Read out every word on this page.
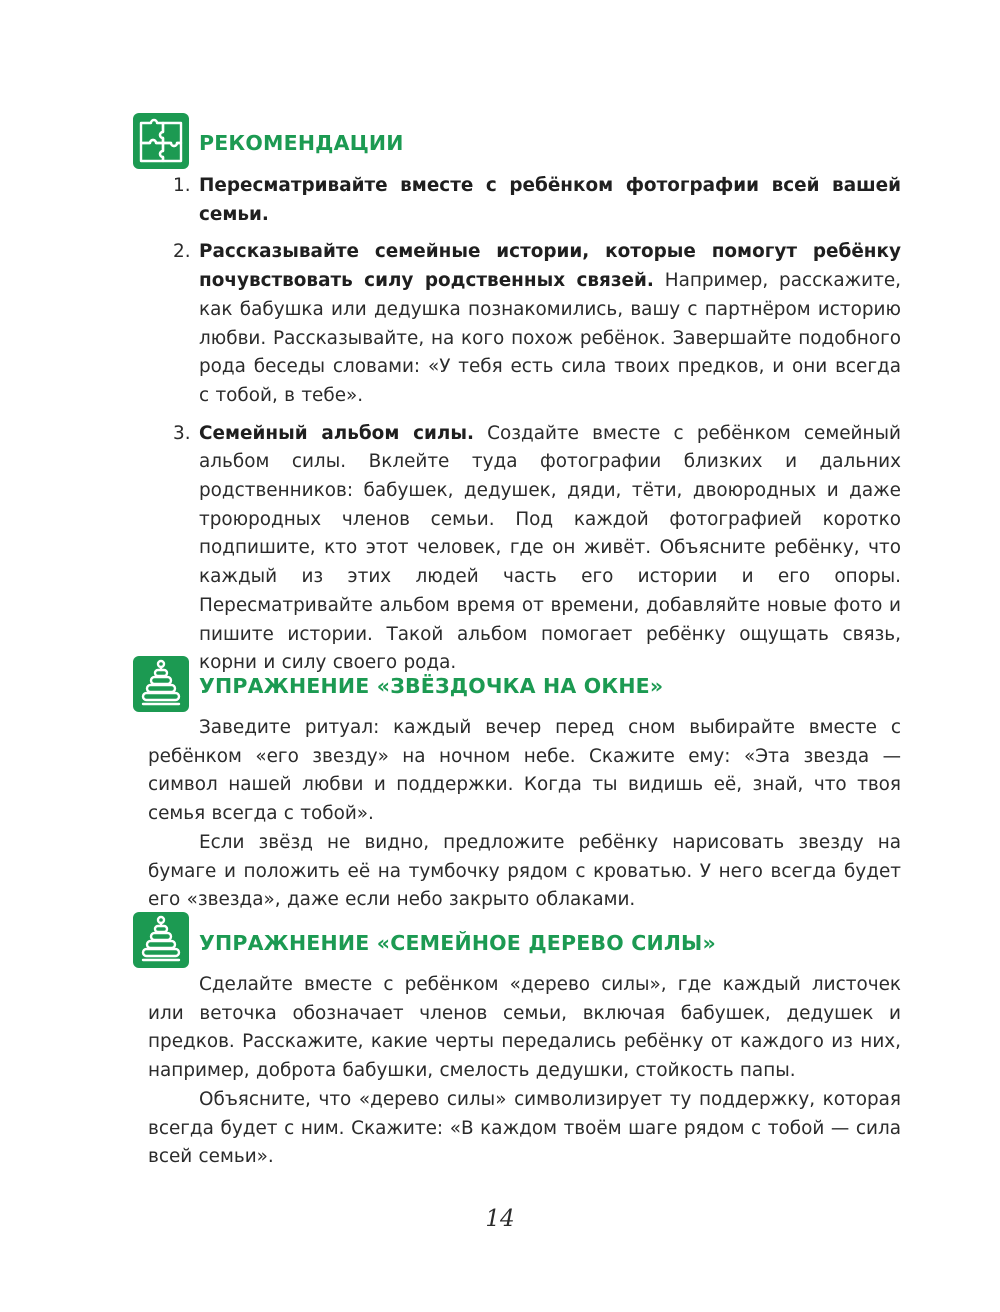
РЕКОМЕНДАЦИИ
1. Пересматривайте вместе с ребёнком фотографии всей вашей семьи.
2. Рассказывайте семейные истории, которые помогут ребёнку почувствовать силу родственных связей. Например, расскажите, как бабушка или дедушка познакомились, вашу с партнёром историю любви. Рассказывайте, на кого похож ребёнок. Завершайте подобного рода беседы словами: «У тебя есть сила твоих предков, и они всегда с тобой, в тебе».
3. Семейный альбом силы. Создайте вместе с ребёнком семейный альбом силы. Вклейте туда фотографии близких и дальних родственников: бабушек, дедушек, дяди, тёти, двоюродных и даже троюродных членов семьи. Под каждой фотографией коротко подпишите, кто этот человек, где он живёт. Объясните ребёнку, что каждый из этих людей часть его истории и его опоры. Пересматривайте альбом время от времени, добавляйте новые фото и пишите истории. Такой альбом помогает ребёнку ощущать связь, корни и силу своего рода.
УПРАЖНЕНИЕ «ЗВЁЗДОЧКА НА ОКНЕ»

Заведите ритуал: каждый вечер перед сном выбирайте вместе с ребёнком «его звезду» на ночном небе. Скажите ему: «Эта звезда — символ нашей любви и поддержки. Когда ты видишь её, знай, что твоя семья всегда с тобой».

Если звёзд не видно, предложите ребёнку нарисовать звезду на бумаге и положить её на тумбочку рядом с кроватью. У него всегда будет его «звезда», даже если небо закрыто облаками.

УПРАЖНЕНИЕ «СЕМЕЙНОЕ ДЕРЕВО СИЛЫ»

Сделайте вместе с ребёнком «дерево силы», где каждый листочек или веточка обозначает членов семьи, включая бабушек, дедушек и предков. Расскажите, какие черты передались ребёнку от каждого из них, например, доброта бабушки, смелость дедушки, стойкость папы.

Объясните, что «дерево силы» символизирует ту поддержку, которая всегда будет с ним. Скажите: «В каждом твоём шаге рядом с тобой — сила всей семьи».

14
